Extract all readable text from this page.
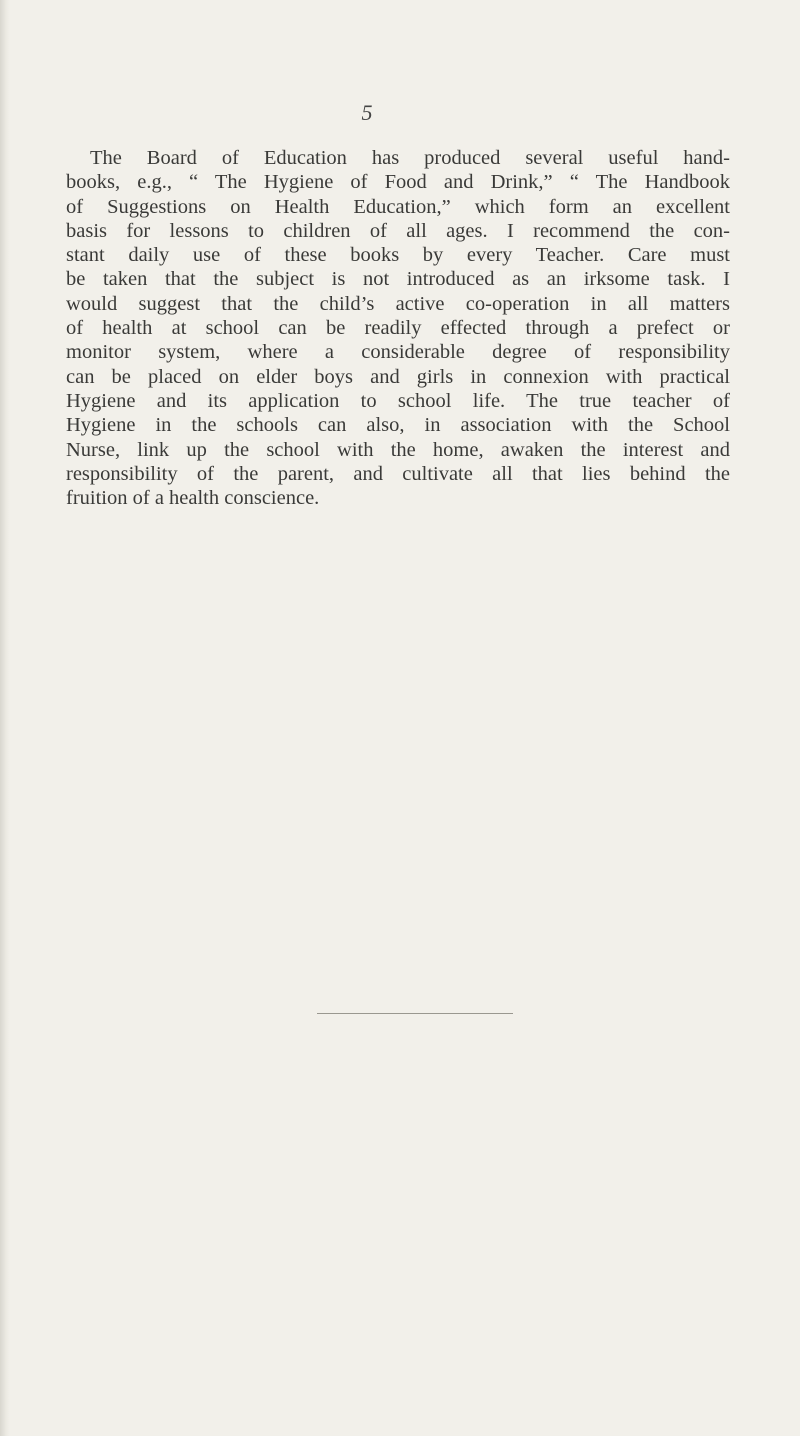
5
The Board of Education has produced several useful hand-
books, e.g., “ The Hygiene of Food and Drink,” “ The Handbook
of Suggestions on Health Education,” which form an excellent
basis for lessons to children of all ages. I recommend the con-
stant daily use of these books by every Teacher. Care must
be taken that the subject is not introduced as an irksome task. I
would suggest that the child’s active co-operation in all matters
of health at school can be readily effected through a prefect or
monitor system, where a considerable degree of responsibility
can be placed on elder boys and girls in connexion with practical
Hygiene and its application to school life. The true teacher of
Hygiene in the schools can also, in association with the School
Nurse, link up the school with the home, awaken the interest and
responsibility of the parent, and cultivate all that lies behind the
fruition of a health conscience.
